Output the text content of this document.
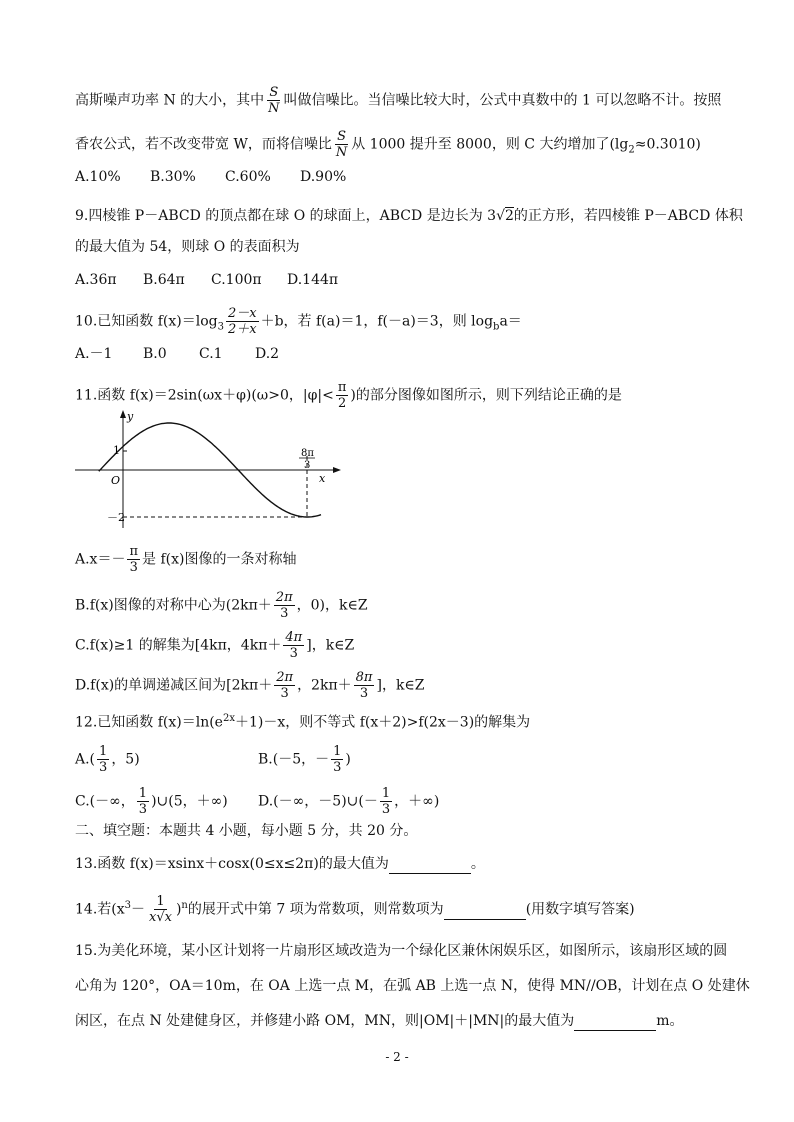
高斯噪声功率 N 的大小，其中 $\frac{S}{N}$ 叫做信噪比。当信噪比较大时，公式中真数中的 1 可以忽略不计。按照
香农公式，若不改变带宽 W，而将信噪比 $\frac{S}{N}$ 从 1000 提升至 8000，则 C 大约增加了$(\lg_2\approx 0.3010)$
A.10% B.30% C.60% D.90%
9.四棱锥 P－ABCD 的顶点都在球 O 的球面上，ABCD 是边长为 3√2的正方形，若四棱锥 P－ABCD 体积
的最大值为 54，则球 O 的表面积为
A.36π B.64π C.100π D.144π
10.已知函数 $f(x)=\log_3 \frac{2-x}{2+x} +b$，若 f(a)＝1，f(－a)＝3，则 $\log_ba=$
A.－1 B.0 C.1 D.2
11.函数 f(x)＝2sin(ωx＋φ)(ω>0，$|\varphi|< \frac{\pi}{2}$ )的部分图像如图所示，则下列结论正确的是
y
x
O
1
－2
8π
3
$A.x=- \frac{\pi}{3}$ 是 f(x)图像的一条对称轴
B.f(x)图像的对称中心为($2k\pi+ \frac{2\pi}{3}$ ，0)，k∈Z
C.f(x)≥1 的解集为[4kπ，$4k\pi+ \frac{4\pi}{3}$ ]，k∈Z
D.f(x)的单调递减区间为[$2k\pi+ \frac{2\pi}{3}$ ，$2k\pi+ \frac{8\pi}{3}$ ]，k∈Z
12.已知函数 $f(x)=\ln(e^{2x}+1)-x$，则不等式 f(x＋2)>f(2x－3)的解集为
$A.( \frac{1}{3}$ ，5)	B.(－5，－ $\frac{1}{3}$ )
C.(－∞， $\frac{1}{3}$ )∪(5，＋∞) D.(－∞，－5)∪(－ $\frac{1}{3}$ ，＋∞)
二、填空题：本题共 4 小题，每小题 5 分，共 20 分。
13.函数 f(x)＝xsinx＋cosx(0≤x≤2π)的最大值为	。
14.若$(x^3- \frac{1}{x√x} )^n$的展开式中第 7 项为常数项，则常数项为	(用数字填写答案)
15.为美化环境，某小区计划将一片扇形区域改造为一个绿化区兼休闲娱乐区，如图所示，该扇形区域的圆
心角为 120°，OA＝10m，在 OA 上选一点 M，在弧 AB 上选一点 N，使得 MN//OB，计划在点 O 处建休
闲区，在点 N 处建健身区，并修建小路 OM，MN，则|OM|＋|MN|的最大值为	m。
- 2 -
